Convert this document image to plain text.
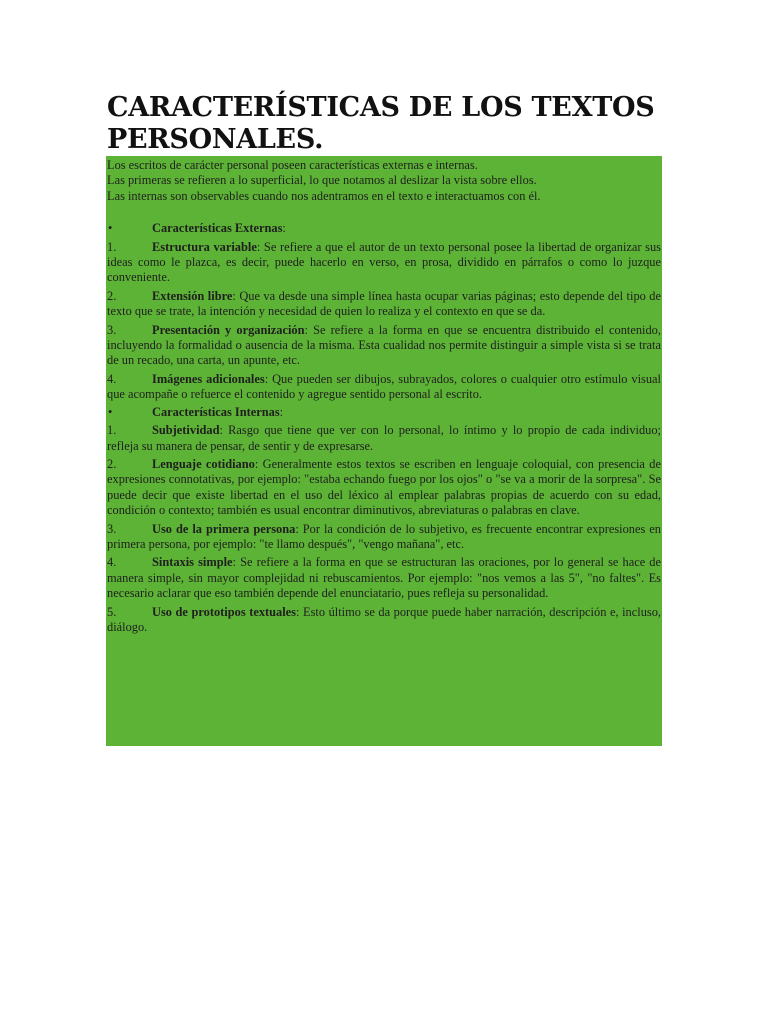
CARACTERÍSTICAS DE LOS TEXTOS PERSONALES.
Los escritos de carácter personal poseen características externas e internas.
Las primeras se refieren a lo superficial, lo que notamos al deslizar la vista sobre ellos.
Las internas son observables cuando nos adentramos en el texto e interactuamos con él.
•	Características Externas:
1.	Estructura variable: Se refiere a que el autor de un texto personal posee la libertad de organizar sus ideas como le plazca, es decir, puede hacerlo en verso, en prosa, dividido en párrafos o como lo juzque conveniente.
2.	Extensión libre: Que va desde una simple línea hasta ocupar varias páginas; esto depende del tipo de texto que se trate, la intención y necesidad de quien lo realiza y el contexto en que se da.
3.	Presentación y organización: Se refiere a la forma en que se encuentra distribuido el contenido, incluyendo la formalidad o ausencia de la misma. Esta cualidad nos permite distinguir a simple vista si se trata de un recado, una carta, un apunte, etc.
4.	Imágenes adicionales: Que pueden ser dibujos, subrayados, colores o cualquier otro estímulo visual que acompañe o refuerce el contenido y agregue sentido personal al escrito.
•	Características Internas:
1.	Subjetividad: Rasgo que tiene que ver con lo personal, lo íntimo y lo propio de cada individuo; refleja su manera de pensar, de sentir y de expresarse.
2.	Lenguaje cotidiano: Generalmente estos textos se escriben en lenguaje coloquial, con presencia de expresiones connotativas, por ejemplo: "estaba echando fuego por los ojos" o "se va a morir de la sorpresa". Se puede decir que existe libertad en el uso del léxico al emplear palabras propias de acuerdo con su edad, condición o contexto; también es usual encontrar diminutivos, abreviaturas o palabras en clave.
3.	Uso de la primera persona: Por la condición de lo subjetivo, es frecuente encontrar expresiones en primera persona, por ejemplo: "te llamo después", "vengo mañana", etc.
4.	Sintaxis simple: Se refiere a la forma en que se estructuran las oraciones, por lo general se hace de manera simple, sin mayor complejidad ni rebuscamientos. Por ejemplo: "nos vemos a las 5", "no faltes". Es necesario aclarar que eso también depende del enunciatario, pues refleja su personalidad.
5.	Uso de prototipos textuales: Esto último se da porque puede haber narración, descripción e, incluso, diálogo.
